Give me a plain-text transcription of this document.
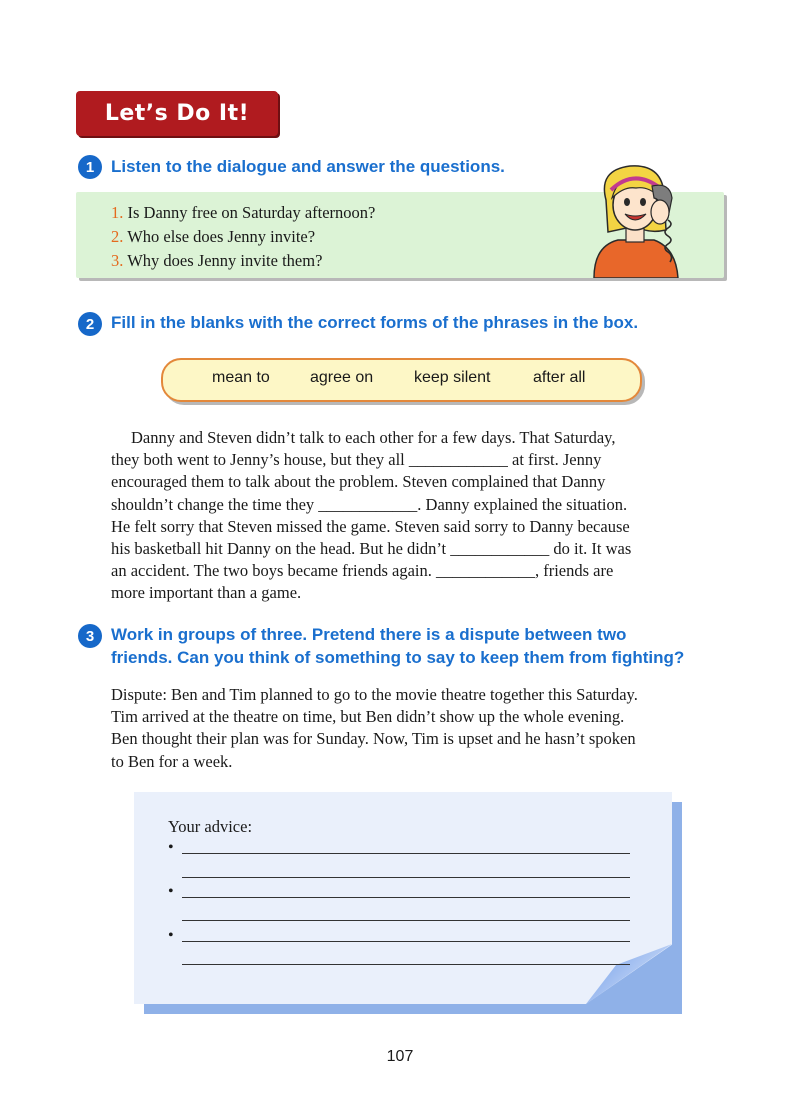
Let’s Do It!
1 Listen to the dialogue and answer the questions.
1. Is Danny free on Saturday afternoon?
2. Who else does Jenny invite?
3. Why does Jenny invite them?
2 Fill in the blanks with the correct forms of the phrases in the box.
mean to	agree on	keep silent	after all
Danny and Steven didn’t talk to each other for a few days. That Saturday,
they both went to Jenny’s house, but they all ____________ at first. Jenny
encouraged them to talk about the problem. Steven complained that Danny
shouldn’t change the time they ____________. Danny explained the situation.
He felt sorry that Steven missed the game. Steven said sorry to Danny because
his basketball hit Danny on the head. But he didn’t ____________ do it. It was
an accident. The two boys became friends again. ____________, friends are
more important than a game.
3 Work in groups of three. Pretend there is a dispute between two
friends. Can you think of something to say to keep them from fighting?
Dispute: Ben and Tim planned to go to the movie theatre together this Saturday.
Tim arrived at the theatre on time, but Ben didn’t show up the whole evening.
Ben thought their plan was for Sunday. Now, Tim is upset and he hasn’t spoken
to Ben for a week.
Your advice:
•
•
•
107
